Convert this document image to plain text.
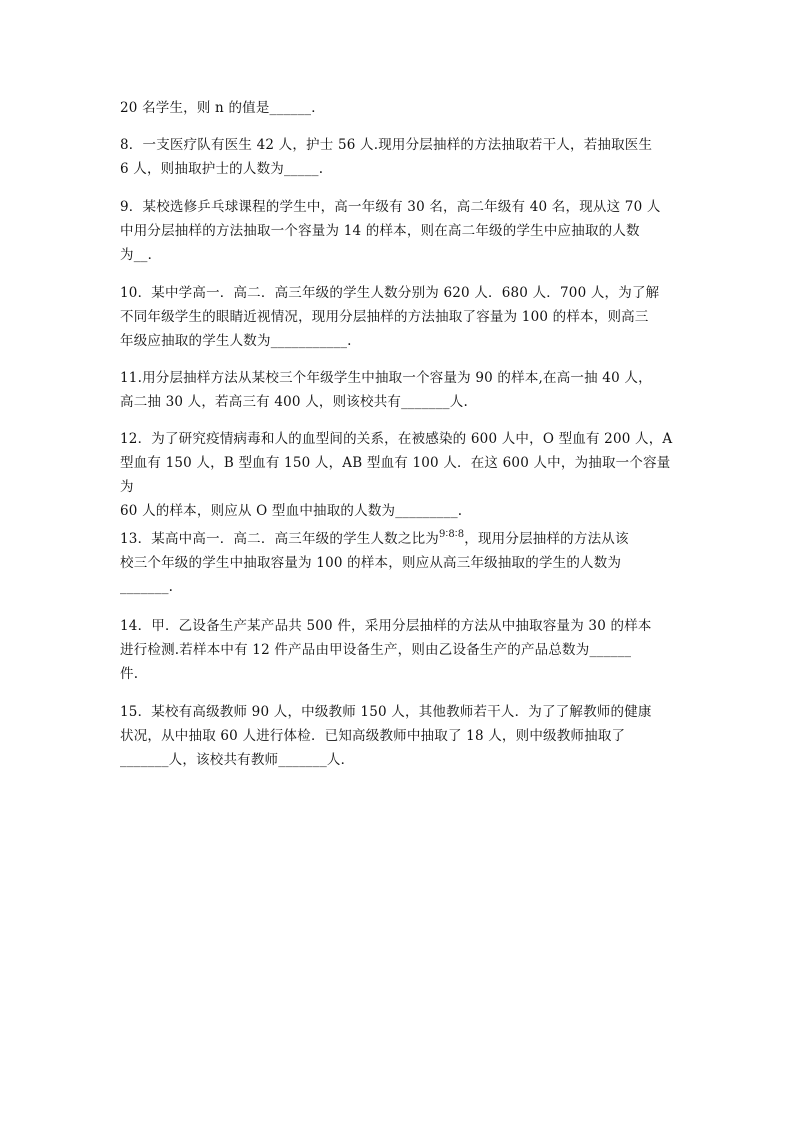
20 名学生，则 n 的值是______．

8．一支医疗队有医生 42 人，护士 56 人.现用分层抽样的方法抽取若干人，若抽取医生
6 人，则抽取护士的人数为_____.

9．某校选修乒乓球课程的学生中，高一年级有 30 名，高二年级有 40 名，现从这 70 人
中用分层抽样的方法抽取一个容量为 14 的样本，则在高二年级的学生中应抽取的人数
为__．

10．某中学高一．高二．高三年级的学生人数分别为 620 人．680 人．700 人，为了解
不同年级学生的眼睛近视情况，现用分层抽样的方法抽取了容量为 100 的样本，则高三
年级应抽取的学生人数为___________.

11.用分层抽样方法从某校三个年级学生中抽取一个容量为 90 的样本,在高一抽 40 人，
高二抽 30 人，若高三有 400 人，则该校共有_______人.

12．为了研究疫情病毒和人的血型间的关系，在被感染的 600 人中，O 型血有 200 人，A
型血有 150 人，B 型血有 150 人，AB 型血有 100 人．在这 600 人中，为抽取一个容量为
60 人的样本，则应从 O 型血中抽取的人数为_________.

13．某高中高一．高二．高三年级的学生人数之比为$^{9∶8∶8}$，现用分层抽样的方法从该
校三个年级的学生中抽取容量为 100 的样本，则应从高三年级抽取的学生的人数为
_______.

14．甲．乙设备生产某产品共 500 件，采用分层抽样的方法从中抽取容量为 30 的样本
进行检测.若样本中有 12 件产品由甲设备生产，则由乙设备生产的产品总数为______
件.

15．某校有高级教师 90 人，中级教师 150 人，其他教师若干人．为了了解教师的健康
状况，从中抽取 60 人进行体检．已知高级教师中抽取了 18 人，则中级教师抽取了
_______人，该校共有教师_______人．
